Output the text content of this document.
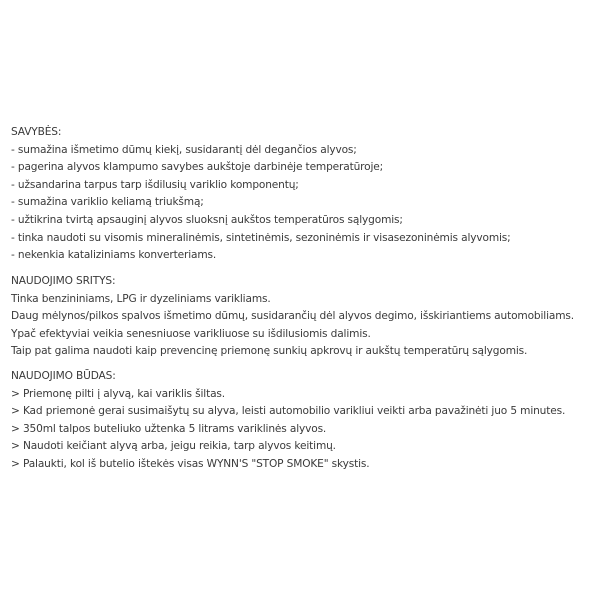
SAVYBĖS:
- sumažina išmetimo dūmų kiekį, susidarantį dėl degančios alyvos;
- pagerina alyvos klampumo savybes aukštoje darbinėje temperatūroje;
- užsandarina tarpus tarp išdilusių variklio komponentų;
- sumažina variklio keliamą triukšmą;
- užtikrina tvirtą apsauginį alyvos sluoksnį aukštos temperatūros sąlygomis;
- tinka naudoti su visomis mineralinėmis, sintetinėmis, sezoninėmis ir visasezoninėmis alyvomis;
- nekenkia kataliziniams konverteriams.
NAUDOJIMO SRITYS:
Tinka benzininiams, LPG ir dyzeliniams varikliams.
Daug mėlynos/pilkos spalvos išmetimo dūmų, susidarančių dėl alyvos degimo, išskiriantiems automobiliams.
Ypač efektyviai veikia senesniuose varikliuose su išdilusiomis dalimis.
Taip pat galima naudoti kaip prevencinę priemonę sunkių apkrovų ir aukštų temperatūrų sąlygomis.
NAUDOJIMO BŪDAS:
> Priemonę pilti į alyvą, kai variklis šiltas.
> Kad priemonė gerai susimaišytų su alyva, leisti automobilio varikliui veikti arba pavažinėti juo 5 minutes.
> 350ml talpos buteliuko užtenka 5 litrams variklinės alyvos.
> Naudoti keičiant alyvą arba, jeigu reikia, tarp alyvos keitimų.
> Palaukti, kol iš butelio ištekės visas WYNN'S "STOP SMOKE" skystis.
